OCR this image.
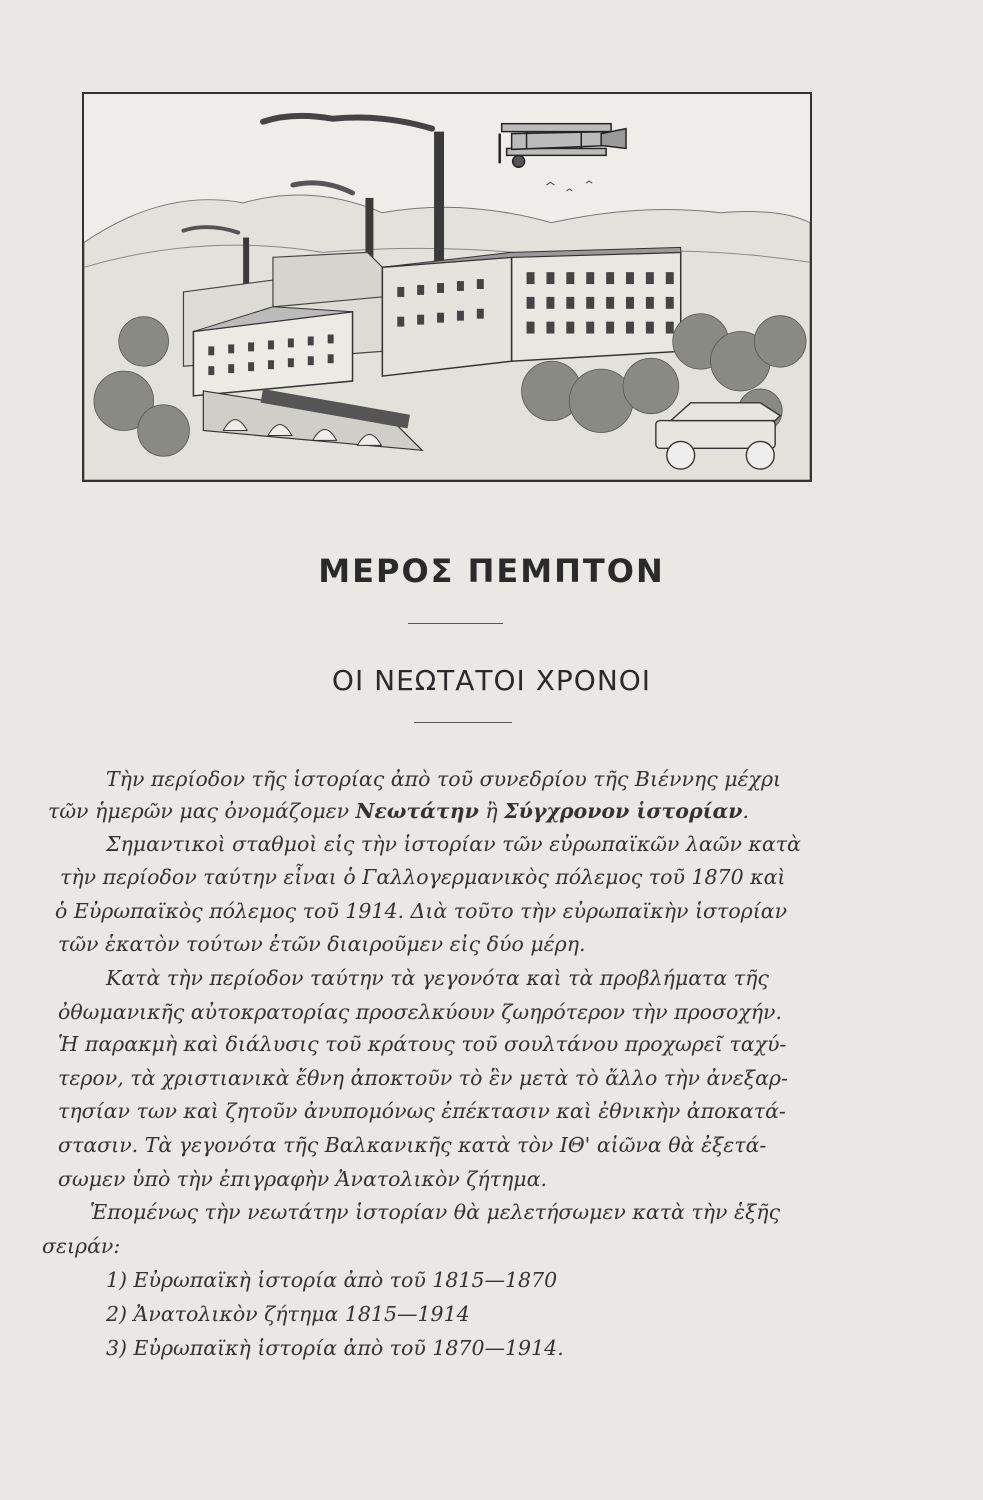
ΜΕΡΟΣ ΠΕΜΠΤΟΝ
ΟΙ ΝΕΩΤΑΤΟΙ ΧΡΟΝΟΙ
Τὴν περίοδον τῆς ἱστορίας ἀπὸ τοῦ συνεδρίου τῆς Βιέννης μέχρι
τῶν ἡμερῶν μας ὀνομάζομεν Νεωτάτην ἢ Σύγχρονον ἱστορίαν.
Σημαντικοὶ σταθμοὶ εἰς τὴν ἱστορίαν τῶν εὐρωπαϊκῶν λαῶν κατὰ
τὴν περίοδον ταύτην εἶναι ὁ Γαλλογερμανικὸς πόλεμος τοῦ 1870 καὶ
ὁ Εὐρωπαϊκὸς πόλεμος τοῦ 1914. Διὰ τοῦτο τὴν εὐρωπαϊκὴν ἱστορίαν
τῶν ἑκατὸν τούτων ἐτῶν διαιροῦμεν εἰς δύο μέρη.
Κατὰ τὴν περίοδον ταύτην τὰ γεγονότα καὶ τὰ προβλήματα τῆς
ὀθωμανικῆς αὐτοκρατορίας προσελκύουν ζωηρότερον τὴν προσοχήν.
Ἡ παρακμὴ καὶ διάλυσις τοῦ κράτους τοῦ σουλτάνου προχωρεῖ ταχύ-
τερον, τὰ χριστιανικὰ ἔθνη ἀποκτοῦν τὸ ἓν μετὰ τὸ ἄλλο τὴν ἀνεξαρ-
τησίαν των καὶ ζητοῦν ἀνυπομόνως ἐπέκτασιν καὶ ἐθνικὴν ἀποκατά-
στασιν. Τὰ γεγονότα τῆς Βαλκανικῆς κατὰ τὸν ΙΘ' αἰῶνα θὰ ἐξετά-
σωμεν ὑπὸ τὴν ἐπιγραφὴν Ἀνατολικὸν ζήτημα.
Ἑπομένως τὴν νεωτάτην ἱστορίαν θὰ μελετήσωμεν κατὰ τὴν ἑξῆς
σειράν:
1) Εὐρωπαϊκὴ ἱστορία ἀπὸ τοῦ 1815—1870
2) Ἀνατολικὸν ζήτημα 1815—1914
3) Εὐρωπαϊκὴ ἱστορία ἀπὸ τοῦ 1870—1914.
